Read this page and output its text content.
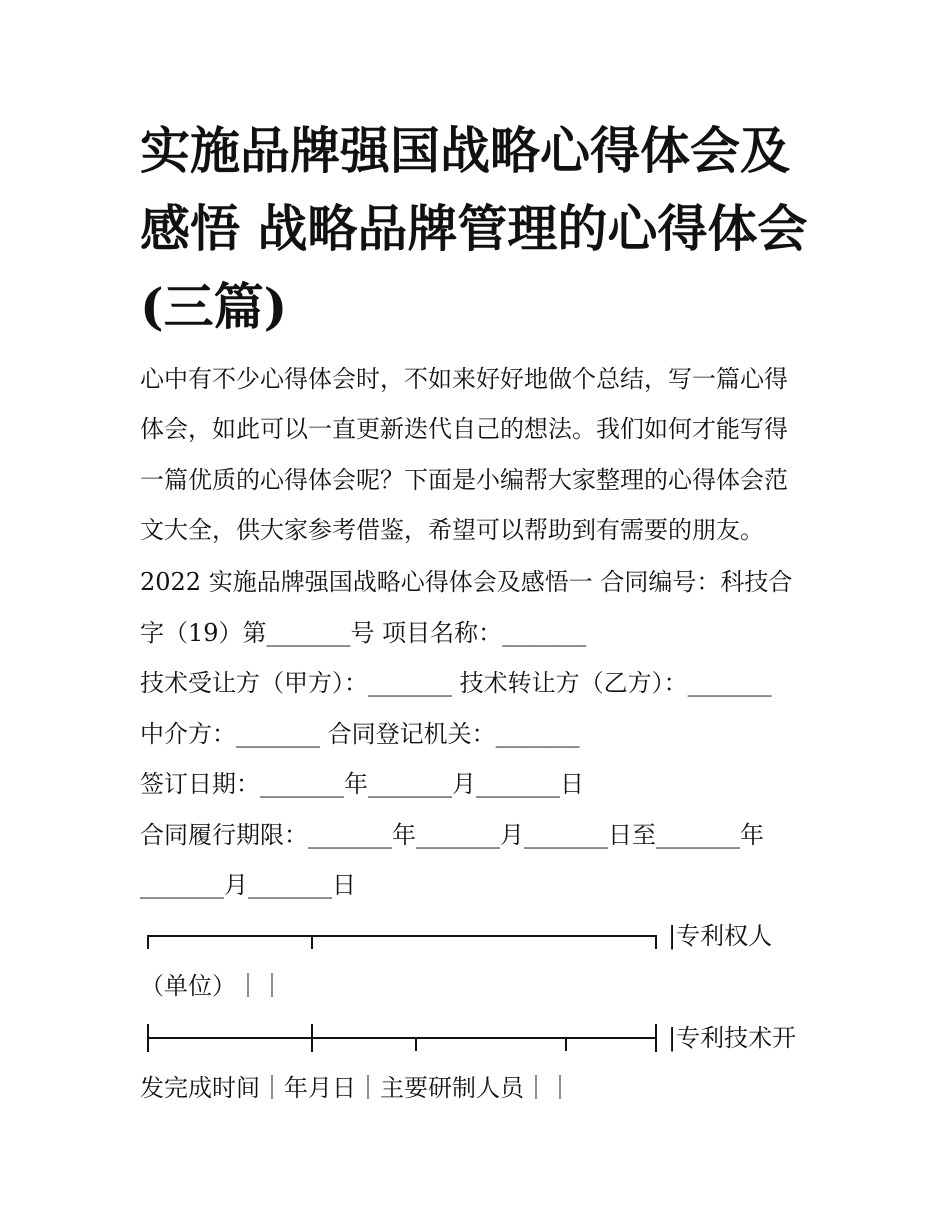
实施品牌强国战略心得体会及感悟 战略品牌管理的心得体会(三篇)
心中有不少心得体会时，不如来好好地做个总结，写一篇心得
体会，如此可以一直更新迭代自己的想法。我们如何才能写得
一篇优质的心得体会呢？下面是小编帮大家整理的心得体会范
文大全，供大家参考借鉴，希望可以帮助到有需要的朋友。
2022 实施品牌强国战略心得体会及感悟一 合同编号：科技合
字（19）第_______号 项目名称：_______
技术受让方（甲方）：_______ 技术转让方（乙方）：_______
中介方：_______ 合同登记机关：_______
签订日期：_______年_______月_______日
合同履行期限：_______年_______月_______日至_______年
_______月_______日
|专利权人
（单位）｜｜
|专利技术开
发完成时间｜年月日｜主要研制人员｜｜
